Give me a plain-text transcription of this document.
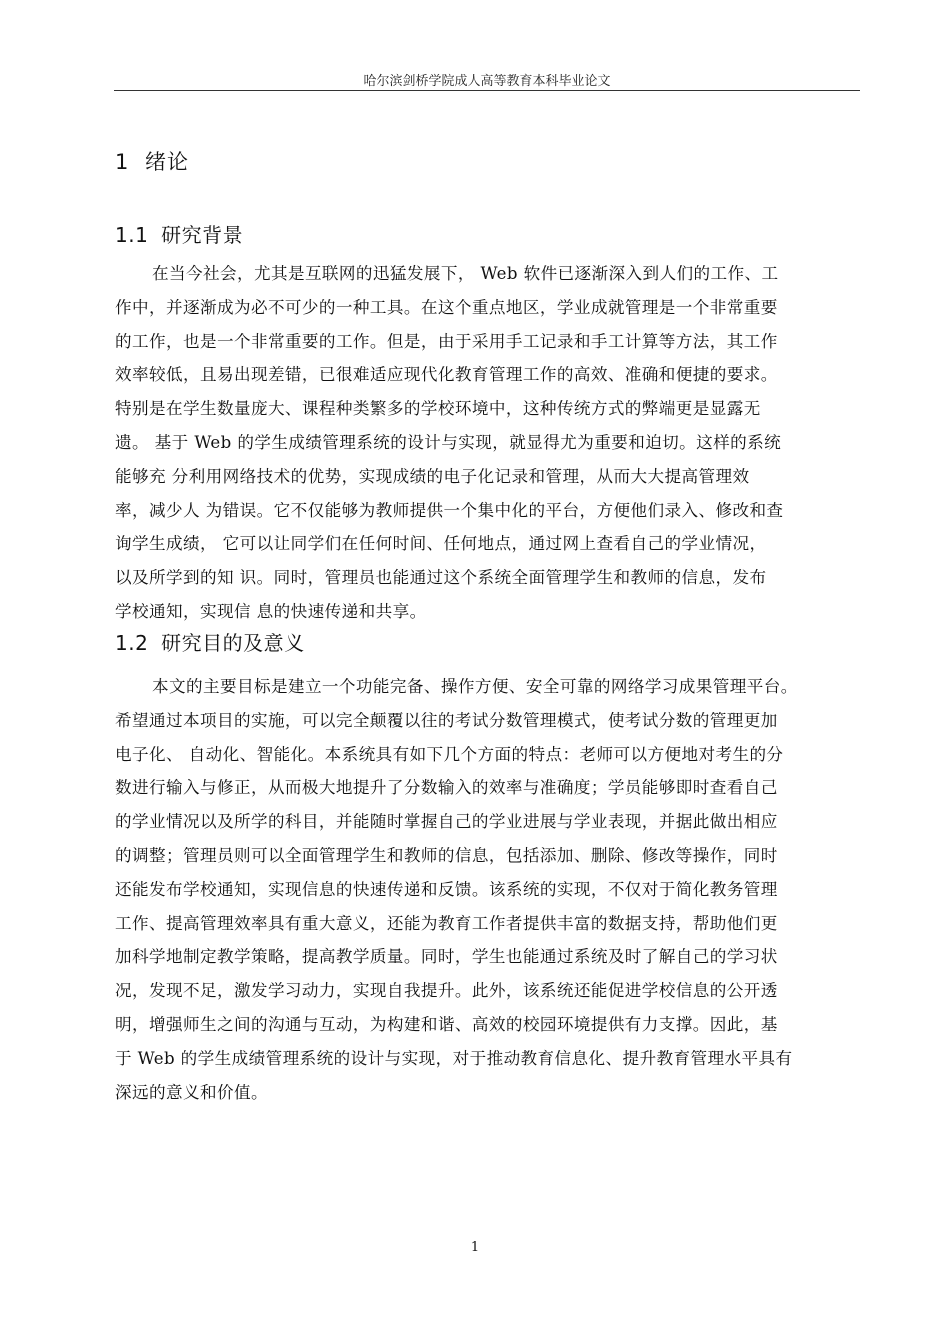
哈尔滨剑桥学院成人高等教育本科毕业论文
1 绪论
1.1 研究背景
在当今社会，尤其是互联网的迅猛发展下， Web 软件已逐渐深入到人们的工作、工
作中，并逐渐成为必不可少的一种工具。在这个重点地区，学业成就管理是一个非常重要
的工作，也是一个非常重要的工作。但是，由于采用手工记录和手工计算等方法，其工作
效率较低，且易出现差错，已很难适应现代化教育管理工作的高效、准确和便捷的要求。
特别是在学生数量庞大、课程种类繁多的学校环境中，这种传统方式的弊端更是显露无
遗。 基于 Web 的学生成绩管理系统的设计与实现，就显得尤为重要和迫切。这样的系统
能够充 分利用网络技术的优势，实现成绩的电子化记录和管理，从而大大提高管理效
率，减少人 为错误。它不仅能够为教师提供一个集中化的平台，方便他们录入、修改和查
询学生成绩， 它可以让同学们在任何时间、任何地点，通过网上查看自己的学业情况，
以及所学到的知 识。同时，管理员也能通过这个系统全面管理学生和教师的信息，发布
学校通知，实现信 息的快速传递和共享。
1.2 研究目的及意义
本文的主要目标是建立一个功能完备、操作方便、安全可靠的网络学习成果管理平台。
希望通过本项目的实施，可以完全颠覆以往的考试分数管理模式，使考试分数的管理更加
电子化、 自动化、智能化。本系统具有如下几个方面的特点：老师可以方便地对考生的分
数进行输入与修正，从而极大地提升了分数输入的效率与准确度；学员能够即时查看自己
的学业情况以及所学的科目，并能随时掌握自己的学业进展与学业表现，并据此做出相应
的调整；管理员则可以全面管理学生和教师的信息，包括添加、删除、修改等操作，同时
还能发布学校通知，实现信息的快速传递和反馈。该系统的实现，不仅对于简化教务管理
工作、提高管理效率具有重大意义，还能为教育工作者提供丰富的数据支持，帮助他们更
加科学地制定教学策略，提高教学质量。同时，学生也能通过系统及时了解自己的学习状
况，发现不足，激发学习动力，实现自我提升。此外，该系统还能促进学校信息的公开透
明，增强师生之间的沟通与互动，为构建和谐、高效的校园环境提供有力支撑。因此，基
于 Web 的学生成绩管理系统的设计与实现，对于推动教育信息化、提升教育管理水平具有
深远的意义和价值。
1
